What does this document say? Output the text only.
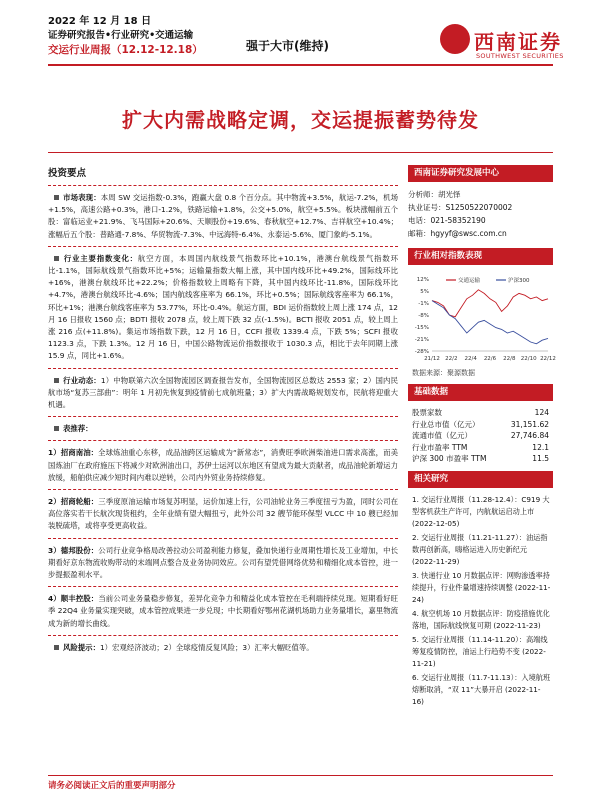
2022 年 12 月 18 日
证券研究报告•行业研究•交通运输
交运行业周报（12.12-12.18）	强于大市(维持)	西南证券
SOUTHWEST SECURITIES
扩大内需战略定调，交运提振蓄势待发
投资要点
市场表现：本周 SW 交运指数-0.3%，跑赢大盘 0.8 个百分点。其中物流+3.5%，航运-7.2%，机场+1.5%，高速公路+0.3%，港口-1.2%，铁路运输+1.8%，公交+5.0%，航空+5.5%。板块涨幅前五个股：富临运业+21.9%、飞马国际+20.6%、天顺股份+19.6%、春秋航空+12.7%、吉祥航空+10.4%；涨幅后五个股：普路通-7.8%、华贸物流-7.3%、中远海特-6.4%、永泰运-5.6%、厦门象屿-5.1%。
行业主要指数变化：航空方面，本周国内航线景气指数环比+10.1%，港澳台航线景气指数环比-1.1%，国际航线景气指数环比+5%；运输量指数大幅上涨，其中国内线环比+49.2%，国际线环比+16%，港澳台航线环比+22.2%；价格指数较上周略有下降，其中国内线环比-11.8%，国际线环比+4.7%，港澳台航线环比-4.6%；国内航线客座率为 66.1%，环比+0.5%；国际航线客座率为 66.1%，环比+1%；港澳台航线客座率为 53.77%，环比-0.4%。航运方面，BDI 运价指数较上周上涨 174 点，12 月 16 日报收 1560 点；BDTI 报收 2078 点，较上周下跌 32 点(-1.5%)。BCTI 报收 2051 点，较上周上涨 216 点(+11.8%)。集运市场指数下跌，12 月 16 日，CCFI 报收 1339.4 点，下跌 5%；SCFI 报收 1123.3 点，下跌 1.3%。12 月 16 日，中国公路物流运价指数报收于 1030.3 点，相比于去年同期上涨 15.9 点，同比+1.6%。
行业动态：1）中物联第六次全国物流园区调查报告发布，全国物流园区总数达 2553 家；2）国内民航市场“复苏三部曲”：明年 1 月初先恢复到疫情前七成航班量；3）扩大内需战略规划发布，民航将迎重大机遇。
表推荐：
1）招商南油：全球炼油重心东移，成品油跨区运输成为“新常态”，消费旺季欧洲柴油进口需求高涨，而美国炼油厂在政府施压下将减少对欧洲油出口，苏伊士运河以东地区有望成为最大贡献者，成品油轮新增运力放缓，船舶供应减少短时间内难以逆转，公司内外贸业务持续修复。
2）招商轮船：三季度原油运输市场复苏明显，运价加速上行，公司油轮业务三季度扭亏为盈，同时公司在高位落实若干长航次现货租约，全年业绩有望大幅扭亏，此外公司 32 艘节能环保型 VLCC 中 10 艘已经加装脱硫塔，或将享受更高收益。
3）德邦股份：公司行业竞争格局改善拉动公司盈利能力修复，叠加快递行业周期性增长及工业增加，中长期看好京东物流收购带动的末端网点整合及业务协同效应。公司有望凭借网络优势和精细化成本管控，进一步提振盈利水平。
4）顺丰控股：当前公司业务量稳步修复，差异化竞争力和精益化成本管控在毛利端持续兑现。短期看好旺季 22Q4 业务量实现突破，成本管控成果进一步兑现；中长期看好鄂州花湖机场助力业务量增长，嘉里物流成为新的增长曲线。
风险提示：1）宏观经济波动；2）全球疫情反复风险；3）汇率大幅贬值等。
西南证券研究发展中心
分析师：胡光怿
执业证号：S1250522070002
电话：021-58352190
邮箱：hgyyf@swsc.com.cn
行业相对指数表现
12%
5%
-1%
-8%
-15%
-21%
-28%
21/12 22/2 22/4 22/6 22/8 22/10 22/12
交通运输	沪深300
数据来源：聚源数据
基础数据
股票家数	124
行业总市值（亿元）	31,151.62
流通市值（亿元）	27,746.84
行业市盈率 TTM	12.1
沪深 300 市盈率 TTM	11.5
相关研究
1. 交运行业周报（11.28-12.4）：C919 大型客机获生产许可，内航航运启动上市 (2022-12-05)
2. 交运行业周报（11.21-11.27）：油运指数再创新高，嗨格运进入历史新纪元 (2022-11-29)
3. 快递行业 10 月数据点评：网购渗透率持续提升，行业件量增速持续调整 (2022-11-24)
4. 航空机场 10 月数据点评：防疫措施优化落地，国际航线恢复可期 (2022-11-23)
5. 交运行业周报（11.14-11.20）：高端线筹复疫情防控，油运上行趋势不变 (2022-11-21)
6. 交运行业周报（11.7-11.13）：入境航班熔断取消，“双 11”大暴开启 (2022-11-16)
请务必阅读正文后的重要声明部分
